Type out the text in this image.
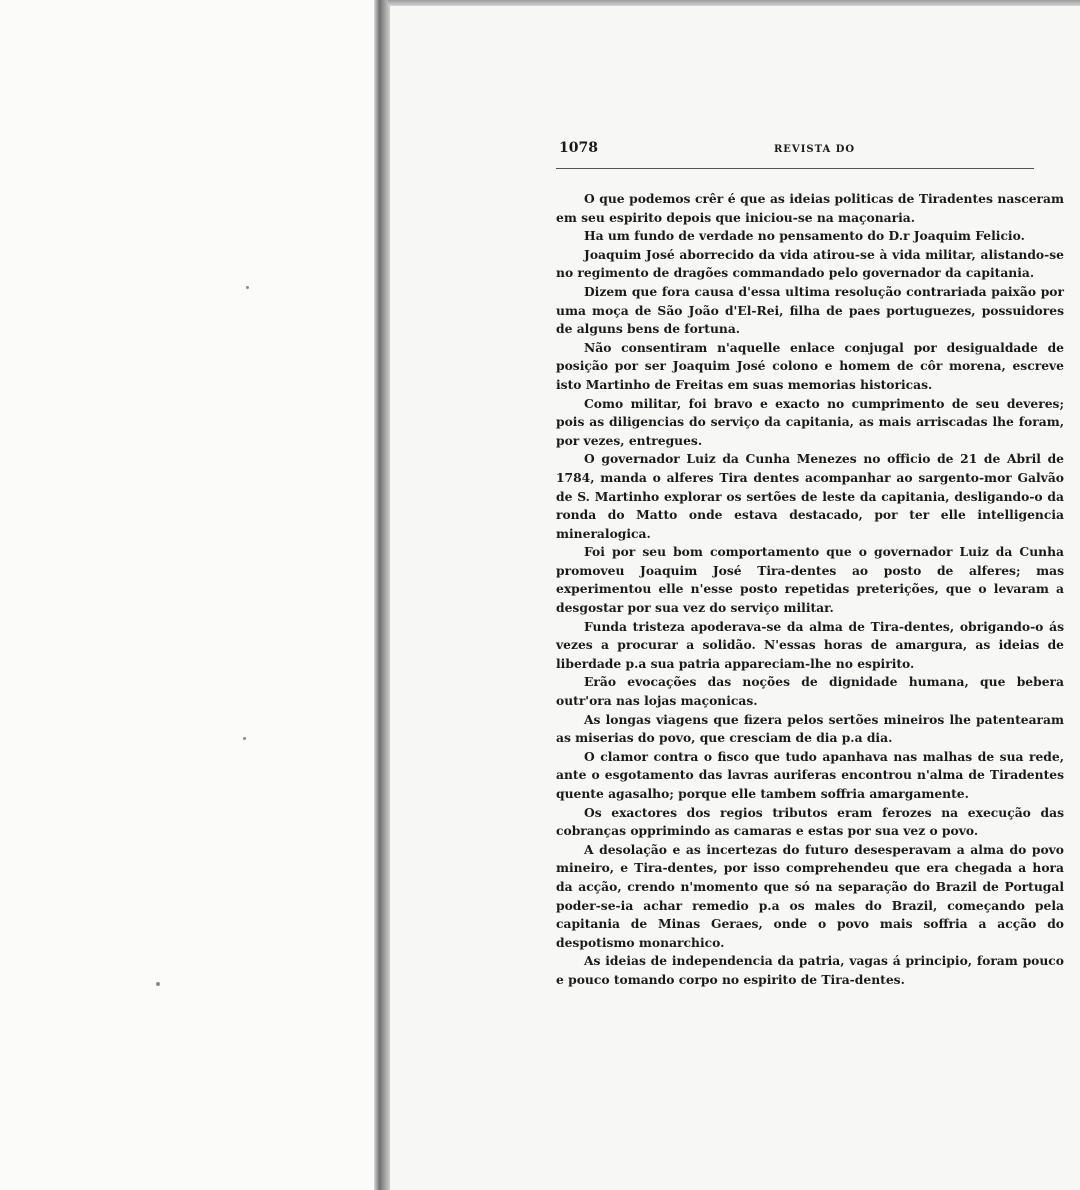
1078	REVISTA DO

O que podemos crêr é que as ideias politicas de Tiradentes nasceram em seu espirito depois que iniciou-se na maçonaria.

Ha um fundo de verdade no pensamento do D.r Joaquim Felicio.

Joaquim José aborrecido da vida atirou-se à vida militar, alistando-se no regimento de dragões commandado pelo governador da capitania.

Dizem que fora causa d'essa ultima resolução contrariada paixão por uma moça de São João d'El-Rei, filha de paes portuguezes, possuidores de alguns bens de fortuna.

Não consentiram n'aquelle enlace conjugal por desigualdade de posição por ser Joaquim José colono e homem de côr morena, escreve isto Martinho de Freitas em suas memorias historicas.

Como militar, foi bravo e exacto no cumprimento de seu deveres; pois as diligencias do serviço da capitania, as mais arriscadas lhe foram, por vezes, entregues.

O governador Luiz da Cunha Menezes no officio de 21 de Abril de 1784, manda o alferes Tira dentes acompanhar ao sargento-mor Galvão de S. Martinho explorar os sertões de leste da capitania, desligando-o da ronda do Matto onde estava destacado, por ter elle intelligencia mineralogica.

Foi por seu bom comportamento que o governador Luiz da Cunha promoveu Joaquim José Tira-dentes ao posto de alferes; mas experimentou elle n'esse posto repetidas preterições, que o levaram a desgostar por sua vez do serviço militar.

Funda tristeza apoderava-se da alma de Tira-dentes, obrigando-o ás vezes a procurar a solidão. N'essas horas de amargura, as ideias de liberdade p.a sua patria appareciam-lhe no espirito.

Erão evocações das noções de dignidade humana, que bebera outr'ora nas lojas maçonicas.

As longas viagens que fizera pelos sertões mineiros lhe patentearam as miserias do povo, que cresciam de dia p.a dia.

O clamor contra o fisco que tudo apanhava nas malhas de sua rede, ante o esgotamento das lavras auriferas encontrou n'alma de Tiradentes quente agasalho; porque elle tambem soffria amargamente.

Os exactores dos regios tributos eram ferozes na execução das cobranças opprimindo as camaras e estas por sua vez o povo.

A desolação e as incertezas do futuro desesperavam a alma do povo mineiro, e Tira-dentes, por isso comprehendeu que era chegada a hora da acção, crendo n'momento que só na separação do Brazil de Portugal poder-se-ia achar remedio p.a os males do Brazil, começando pela capitania de Minas Geraes, onde o povo mais soffria a acção do despotismo monarchico.

As ideias de independencia da patria, vagas á principio, foram pouco e pouco tomando corpo no espirito de Tira-dentes.
